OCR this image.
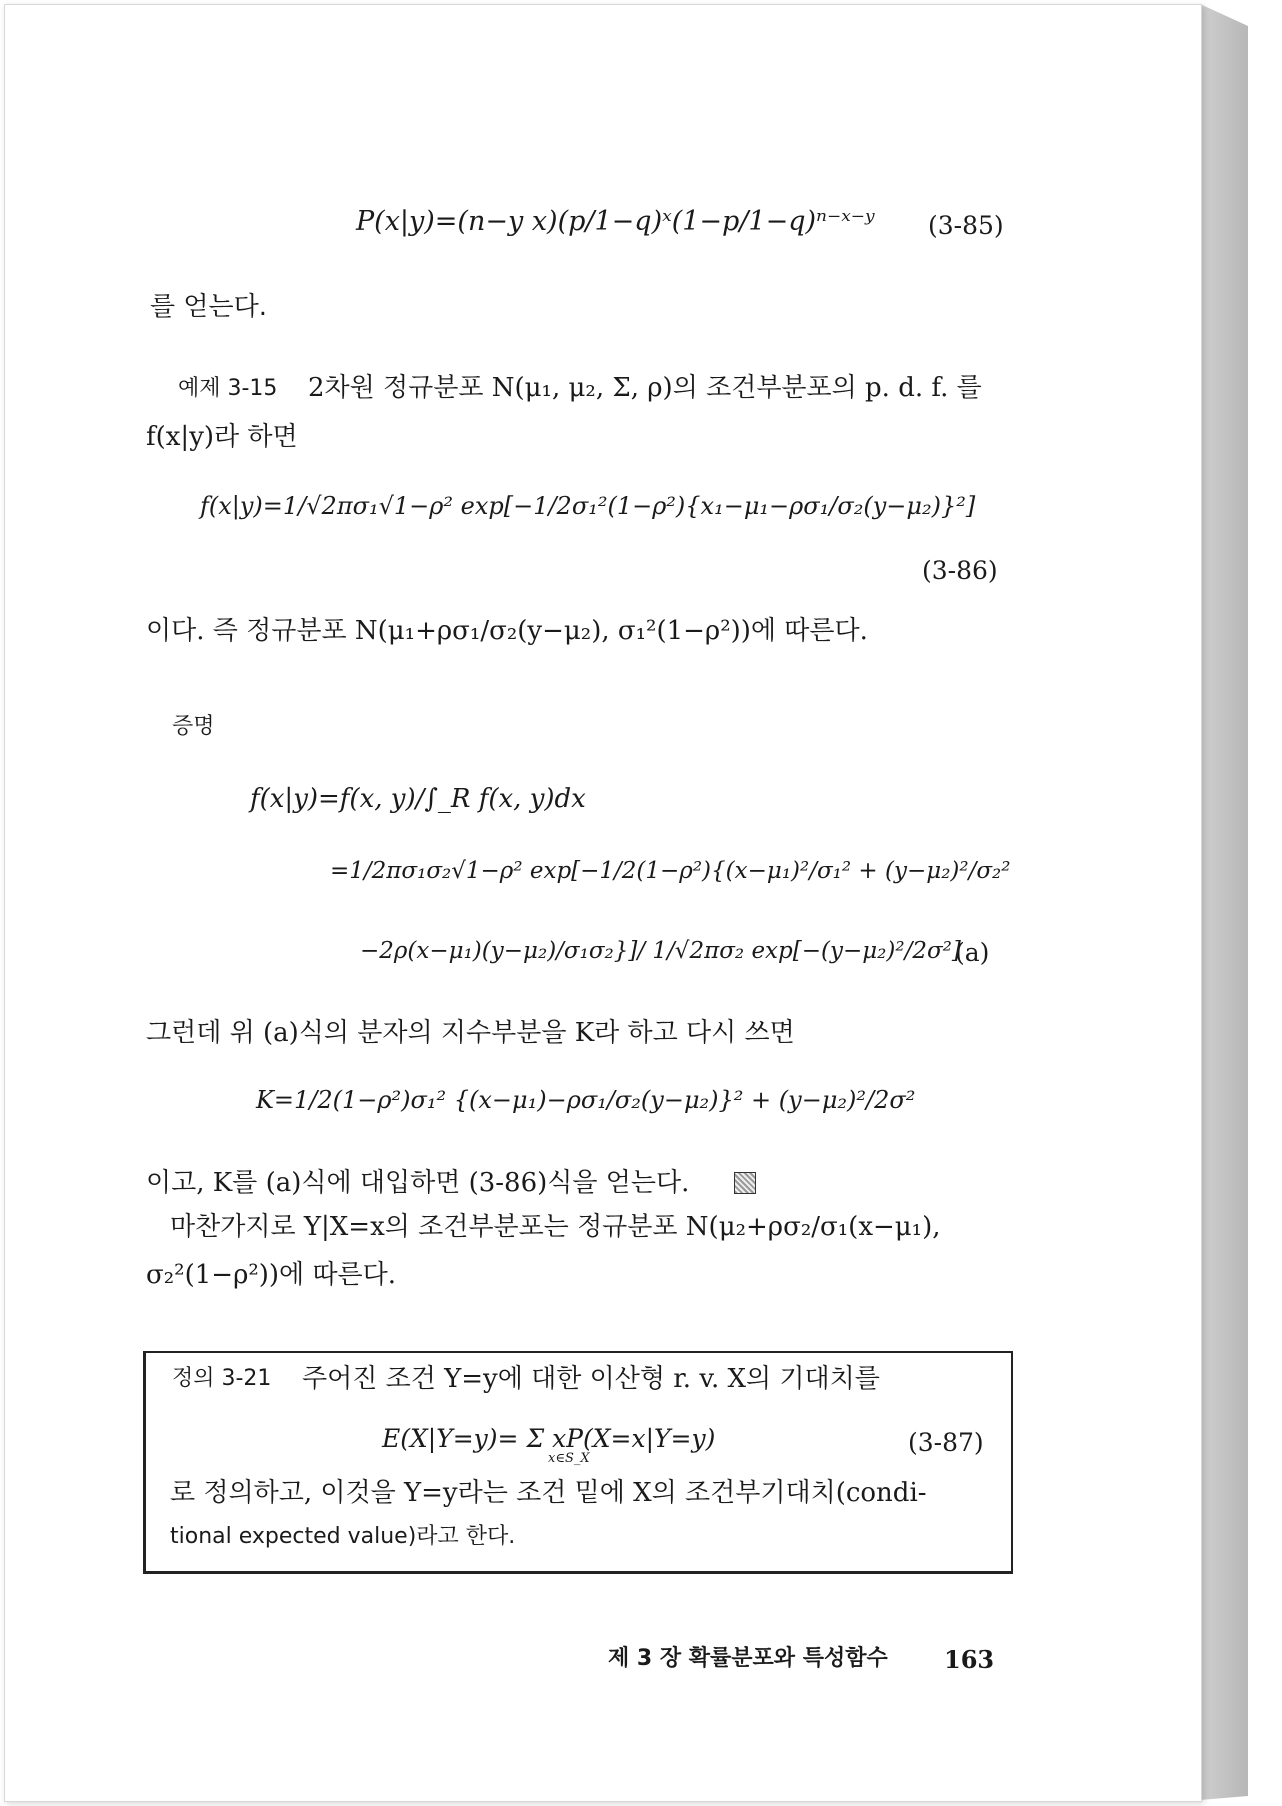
P(x|y)=(n−y x)(p/1−q)ˣ(1−p/1−q)ⁿ⁻ˣ⁻ʸ (3-85)
를 얻는다.
예제 3-15 2차원 정규분포 N(μ₁, μ₂, Σ, ρ)의 조건부분포의 p. d. f. 를
f(x|y)라 하면
f(x|y)=1/√2πσ₁√1−ρ² exp[−1/2σ₁²(1−ρ²){x₁−μ₁−ρσ₁/σ₂(y−μ₂)}²]
(3-86)
이다. 즉 정규분포 N(μ₁+ρσ₁/σ₂(y−μ₂), σ₁²(1−ρ²))에 따른다.
증명
f(x|y)=f(x, y)/∫_R f(x, y)dx
=1/2πσ₁σ₂√1−ρ² exp[−1/2(1−ρ²){(x−μ₁)²/σ₁² + (y−μ₂)²/σ₂²
−2ρ(x−μ₁)(y−μ₂)/σ₁σ₂}]/ 1/√2πσ₂ exp[−(y−μ₂)²/2σ²]
(a)
그런데 위 (a)식의 분자의 지수부분을 K라 하고 다시 쓰면
K=1/2(1−ρ²)σ₁² {(x−μ₁)−ρσ₁/σ₂(y−μ₂)}² + (y−μ₂)²/2σ²
이고, K를 (a)식에 대입하면 (3-86)식을 얻는다.
마찬가지로 Y|X=x의 조건부분포는 정규분포 N(μ₂+ρσ₂/σ₁(x−μ₁),
σ₂²(1−ρ²))에 따른다.
정의 3-21 주어진 조건 Y=y에 대한 이산형 r. v. X의 기대치를
E(X|Y=y)= Σ xP(X=x|Y=y)
x∈S_X
(3-87)
로 정의하고, 이것을 Y=y라는 조건 밑에 X의 조건부기대치(condi-
tional expected value)라고 한다.
제 3 장 확률분포와 특성함수 163
